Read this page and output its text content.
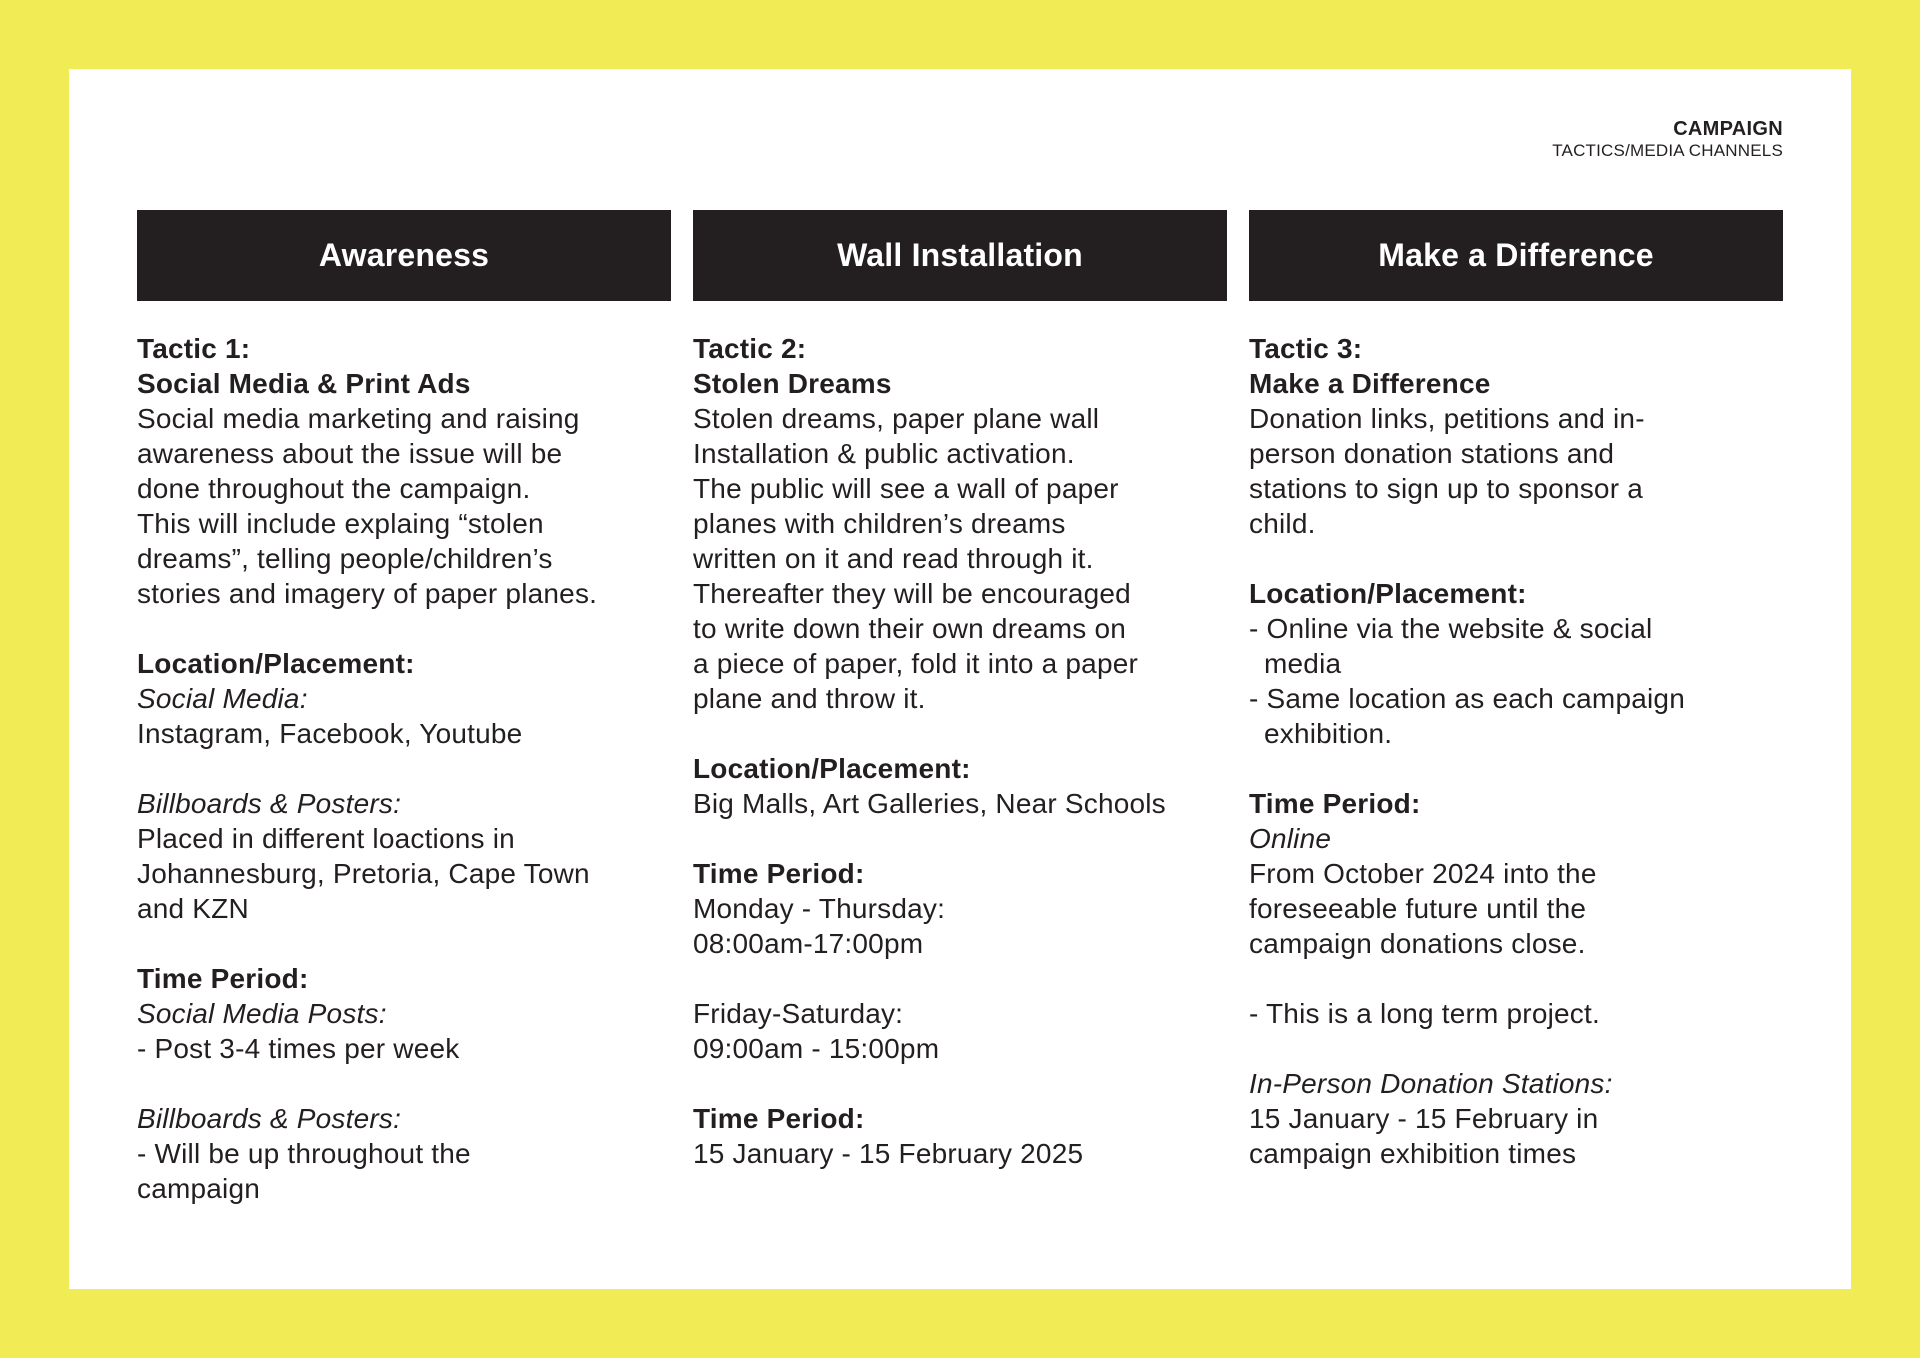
CAMPAIGN
TACTICS/MEDIA CHANNELS
Awareness
Tactic 1:
Social Media & Print Ads
Social media marketing and raising
awareness about the issue will be
done throughout the campaign.
This will include explaing “stolen
dreams”, telling people/children’s
stories and imagery of paper planes.
Location/Placement:
Social Media:
Instagram, Facebook, Youtube
Billboards & Posters:
Placed in different loactions in
Johannesburg, Pretoria, Cape Town
and KZN
Time Period:
Social Media Posts:
- Post 3-4 times per week
Billboards & Posters:
- Will be up throughout the
campaign
Wall Installation
Tactic 2:
Stolen Dreams
Stolen dreams, paper plane wall
Installation & public activation.
The public will see a wall of paper
planes with children’s dreams
written on it and read through it.
Thereafter they will be encouraged
to write down their own dreams on
a piece of paper, fold it into a paper
plane and throw it.
Location/Placement:
Big Malls, Art Galleries, Near Schools
Time Period:
Monday - Thursday:
08:00am-17:00pm
Friday-Saturday:
09:00am - 15:00pm
Time Period:
15 January - 15 February 2025
Make a Difference
Tactic 3:
Make a Difference
Donation links, petitions and in-
person donation stations and
stations to sign up to sponsor a
child.
Location/Placement:
- Online via the website & social
media
- Same location as each campaign
exhibition.
Time Period:
Online
From October 2024 into the
foreseeable future until the
campaign donations close.
- This is a long term project.
In-Person Donation Stations:
15 January - 15 February in
campaign exhibition times
